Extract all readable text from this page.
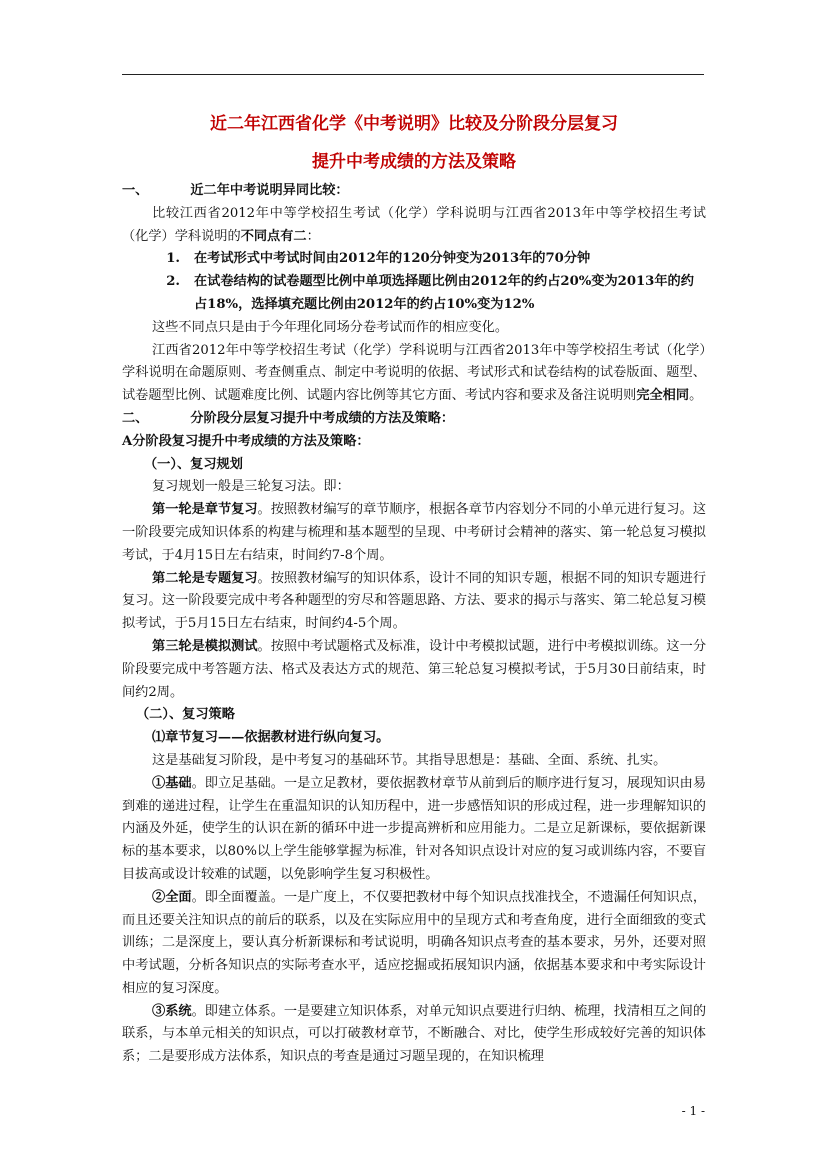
近二年江西省化学《中考说明》比较及分阶段分层复习

提升中考成绩的方法及策略

一、	近二年中考说明异同比较：

比较江西省2012年中等学校招生考试（化学）学科说明与江西省2013年中等学校招生考试（化学）学科说明的不同点有二：

1.	在考试形式中考试时间由2012年的120分钟变为2013年的70分钟
2.	在试卷结构的试卷题型比例中单项选择题比例由2012年的约占20%变为2013年的约占18%，选择填充题比例由2012年的约占10%变为12%

这些不同点只是由于今年理化同场分卷考试而作的相应变化。

江西省2012年中等学校招生考试（化学）学科说明与江西省2013年中等学校招生考试（化学）学科说明在命题原则、考查侧重点、制定中考说明的依据、考试形式和试卷结构的试卷版面、题型、试卷题型比例、试题难度比例、试题内容比例等其它方面、考试内容和要求及备注说明则完全相同。

二、	分阶段分层复习提升中考成绩的方法及策略：

A分阶段复习提升中考成绩的方法及策略：

（一）、复习规划

复习规划一般是三轮复习法。即：

第一轮是章节复习。按照教材编写的章节顺序，根据各章节内容划分不同的小单元进行复习。这一阶段要完成知识体系的构建与梳理和基本题型的呈现、中考研讨会精神的落实、第一轮总复习模拟考试，于4月15日左右结束，时间约7-8个周。

第二轮是专题复习。按照教材编写的知识体系，设计不同的知识专题，根据不同的知识专题进行复习。这一阶段要完成中考各种题型的穷尽和答题思路、方法、要求的揭示与落实、第二轮总复习模拟考试，于5月15日左右结束，时间约4-5个周。

第三轮是模拟测试。按照中考试题格式及标准，设计中考模拟试题，进行中考模拟训练。这一分阶段要完成中考答题方法、格式及表达方式的规范、第三轮总复习模拟考试，于5月30日前结束，时间约2周。

（二）、复习策略

⑴章节复习——依据教材进行纵向复习。

这是基础复习阶段，是中考复习的基础环节。其指导思想是：基础、全面、系统、扎实。

①基础。即立足基础。一是立足教材，要依据教材章节从前到后的顺序进行复习，展现知识由易到难的递进过程，让学生在重温知识的认知历程中，进一步感悟知识的形成过程，进一步理解知识的内涵及外延，使学生的认识在新的循环中进一步提高辨析和应用能力。二是立足新课标，要依据新课标的基本要求，以80%以上学生能够掌握为标准，针对各知识点设计对应的复习或训练内容，不要盲目拔高或设计较难的试题，以免影响学生复习积极性。

②全面。即全面覆盖。一是广度上，不仅要把教材中每个知识点找准找全，不遗漏任何知识点，而且还要关注知识点的前后的联系，以及在实际应用中的呈现方式和考查角度，进行全面细致的变式训练；二是深度上，要认真分析新课标和考试说明，明确各知识点考查的基本要求，另外，还要对照中考试题，分析各知识点的实际考查水平，适应挖掘或拓展知识内涵，依据基本要求和中考实际设计相应的复习深度。

③系统。即建立体系。一是要建立知识体系，对单元知识点要进行归纳、梳理，找清相互之间的联系，与本单元相关的知识点，可以打破教材章节，不断融合、对比，使学生形成较好完善的知识体系；二是要形成方法体系，知识点的考查是通过习题呈现的，在知识梳理

- 1 -
